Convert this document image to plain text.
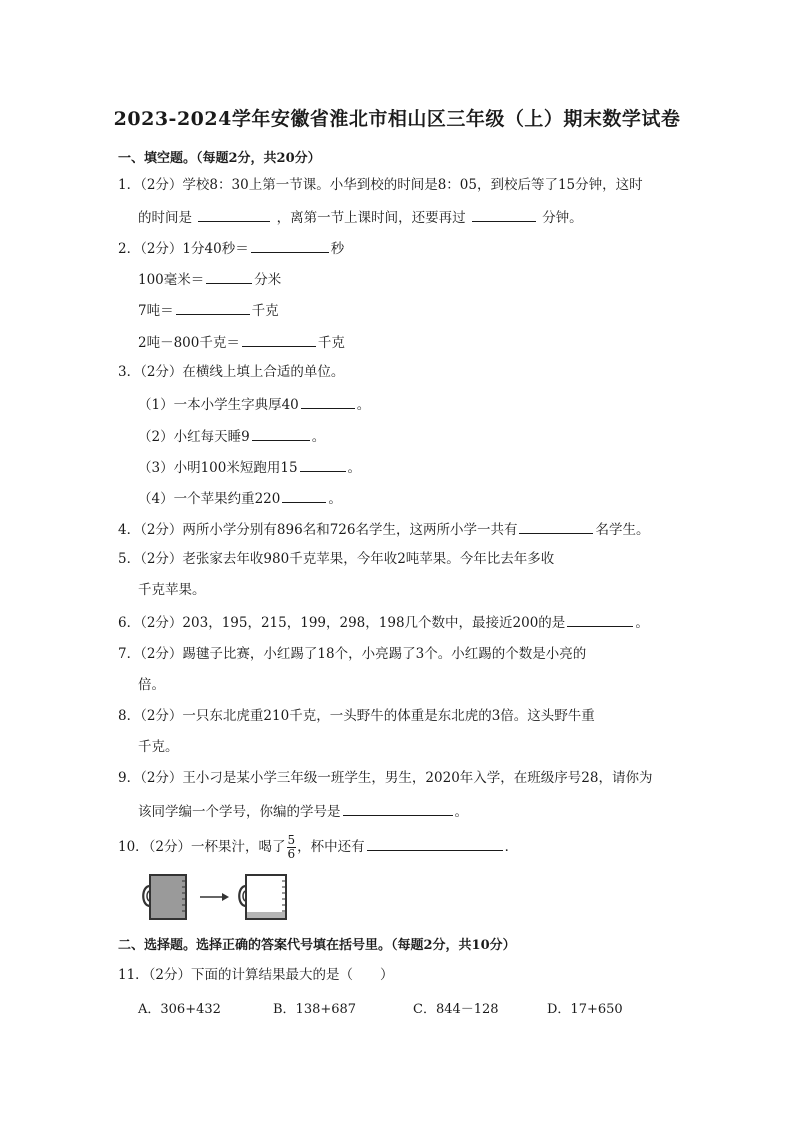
2023-2024学年安徽省淮北市相山区三年级（上）期末数学试卷
一、填空题。（每题2分，共20分）
1．（2分）学校8：30上第一节课。小华到校的时间是8：05，到校后等了15分钟，这时
的时间是	，离第一节上课时间，还要再过	分钟。
2．（2分）1分40秒＝	秒
100毫米＝	分米
7吨＝	千克
2吨－800千克＝	千克
3．（2分）在横线上填上合适的单位。
（1）一本小学生字典厚40	。
（2）小红每天睡9	。
（3）小明100米短跑用15	。
（4）一个苹果约重220	。
4．（2分）两所小学分别有896名和726名学生，这两所小学一共有	名学生。
5．（2分）老张家去年收980千克苹果，今年收2吨苹果。今年比去年多收
千克苹果。
6．（2分）203，195，215，199，298，198几个数中，最接近200的是	。
7．（2分）踢毽子比赛，小红踢了18个，小亮踢了3个。小红踢的个数是小亮的
倍。
8．（2分）一只东北虎重210千克，一头野牛的体重是东北虎的3倍。这头野牛重
千克。
9．（2分）王小刁是某小学三年级一班学生，男生，2020年入学，在班级序号28，请你为
该同学编一个学号，你编的学号是	。
10．（2分）一杯果汁，喝了 $\frac{5}{6}$ ，杯中还有	．
二、选择题。选择正确的答案代号填在括号里。（每题2分，共10分）
11．（2分）下面的计算结果最大的是（　　）
A．306+432	B．138+687	C．844－128	D．17+650
